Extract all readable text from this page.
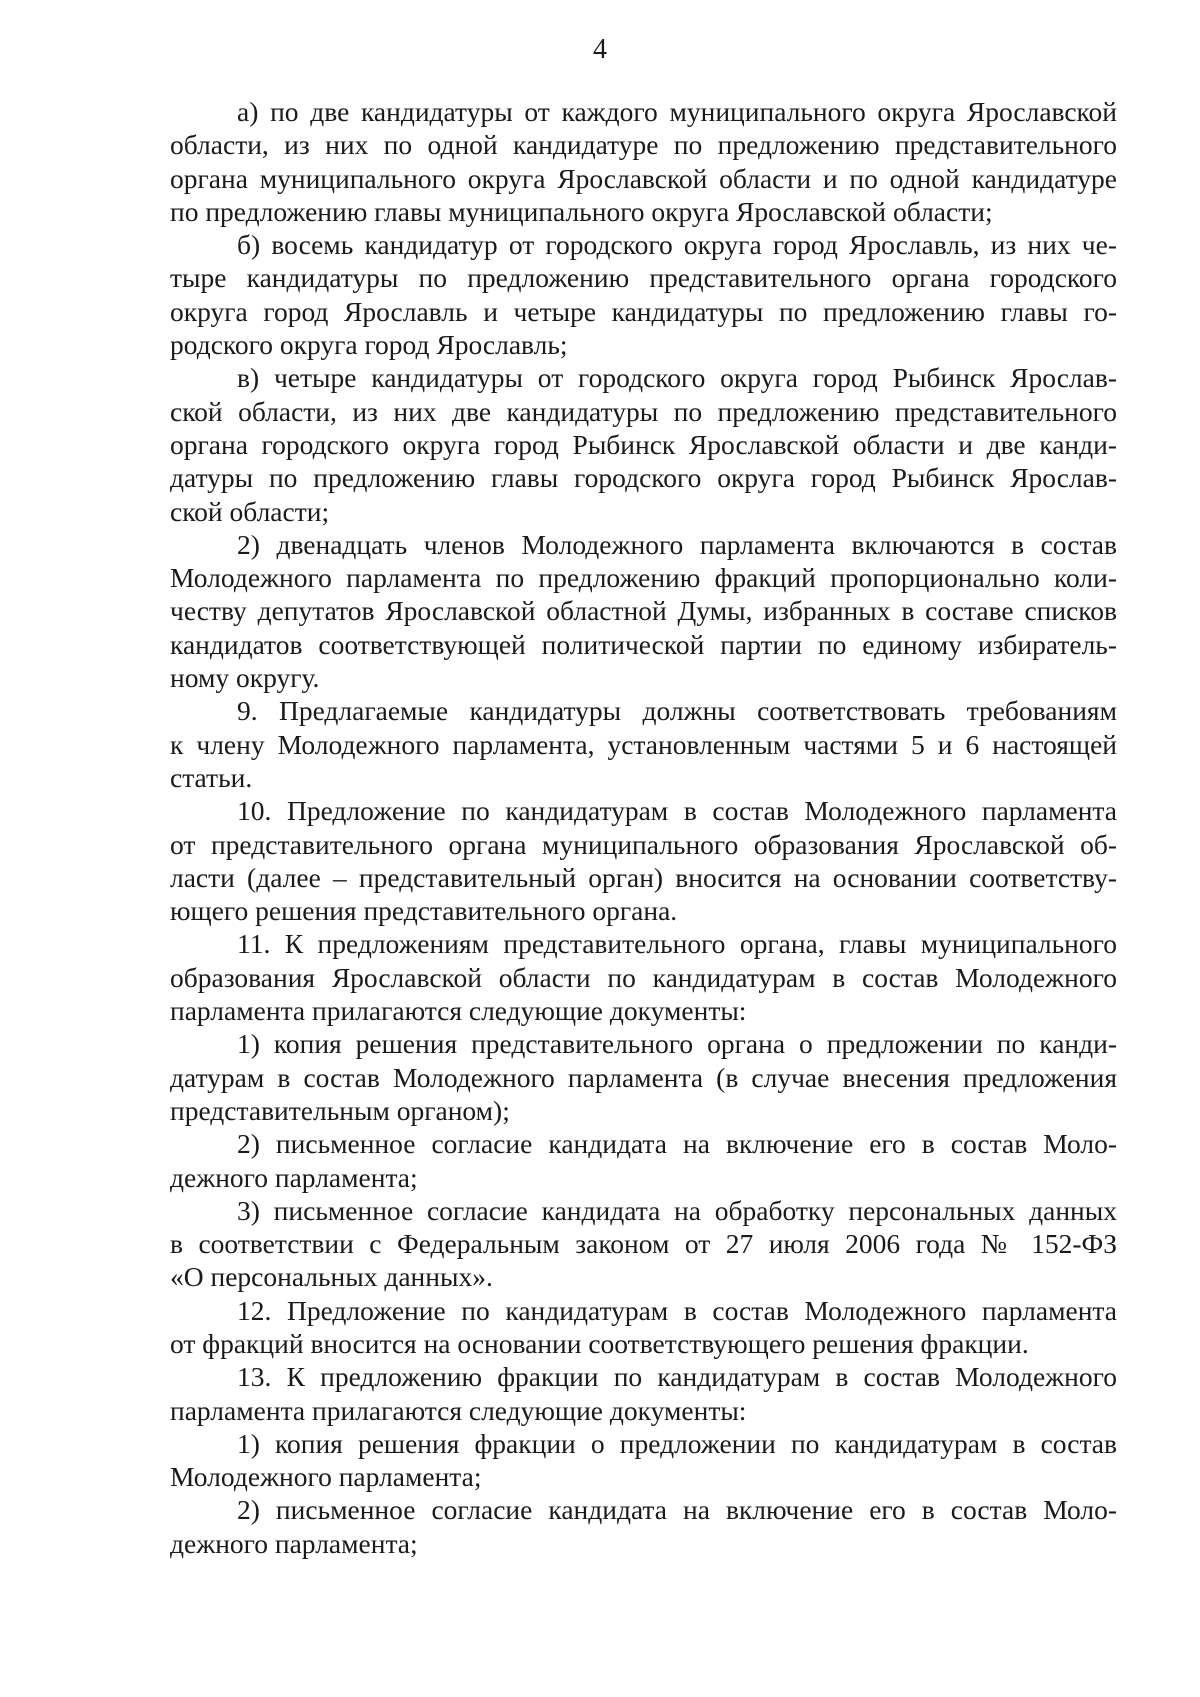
4

а) по две кандидатуры от каждого муниципального округа Ярославской
области, из них по одной кандидатуре по предложению представительного
органа муниципального округа Ярославской области и по одной кандидатуре
по предложению главы муниципального округа Ярославской области;

б) восемь кандидатур от городского округа город Ярославль, из них че-
тыре кандидатуры по предложению представительного органа городского
округа город Ярославль и четыре кандидатуры по предложению главы го-
родского округа город Ярославль;

в) четыре кандидатуры от городского округа город Рыбинск Ярослав-
ской области, из них две кандидатуры по предложению представительного
органа городского округа город Рыбинск Ярославской области и две канди-
датуры по предложению главы городского округа город Рыбинск Ярослав-
ской области;

2) двенадцать членов Молодежного парламента включаются в состав
Молодежного парламента по предложению фракций пропорционально коли-
честву депутатов Ярославской областной Думы, избранных в составе списков
кандидатов соответствующей политической партии по единому избиратель-
ному округу.

9. Предлагаемые кандидатуры должны соответствовать требованиям
к члену Молодежного парламента, установленным частями 5 и 6 настоящей
статьи.

10. Предложение по кандидатурам в состав Молодежного парламента
от представительного органа муниципального образования Ярославской об-
ласти (далее – представительный орган) вносится на основании соответству-
ющего решения представительного органа.

11. К предложениям представительного органа, главы муниципального
образования Ярославской области по кандидатурам в состав Молодежного
парламента прилагаются следующие документы:

1) копия решения представительного органа о предложении по канди-
датурам в состав Молодежного парламента (в случае внесения предложения
представительным органом);

2) письменное согласие кандидата на включение его в состав Моло-
дежного парламента;

3) письменное согласие кандидата на обработку персональных данных
в соответствии с Федеральным законом от 27 июля 2006 года № 152-ФЗ
«О персональных данных».

12. Предложение по кандидатурам в состав Молодежного парламента
от фракций вносится на основании соответствующего решения фракции.

13. К предложению фракции по кандидатурам в состав Молодежного
парламента прилагаются следующие документы:

1) копия решения фракции о предложении по кандидатурам в состав
Молодежного парламента;

2) письменное согласие кандидата на включение его в состав Моло-
дежного парламента;
